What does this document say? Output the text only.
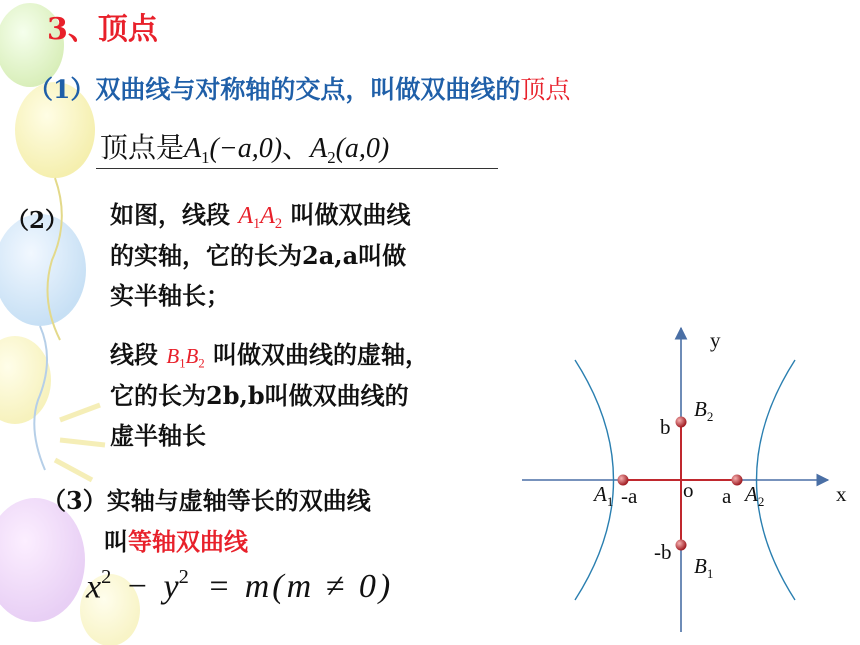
3、顶点
（1）双曲线与对称轴的交点，叫做双曲线的顶点
顶点是$A_1(-a,0)$、$A_2(a,0)$
（2） 如图，线段 $A_1A_2$ 叫做双曲线
的实轴，它的长为2a,a叫做
实半轴长；
线段 $B_1B_2$ 叫做双曲线的虚轴，
它的长为2b,b叫做双曲线的
虚半轴长
（3）实轴与虚轴等长的双曲线
叫等轴双曲线
$x^2 - y^2 = m(m \ne 0)$
y
x
o
b
-b
a
-a
$A_1$	$A_2$
$B_2$
$B_1$
